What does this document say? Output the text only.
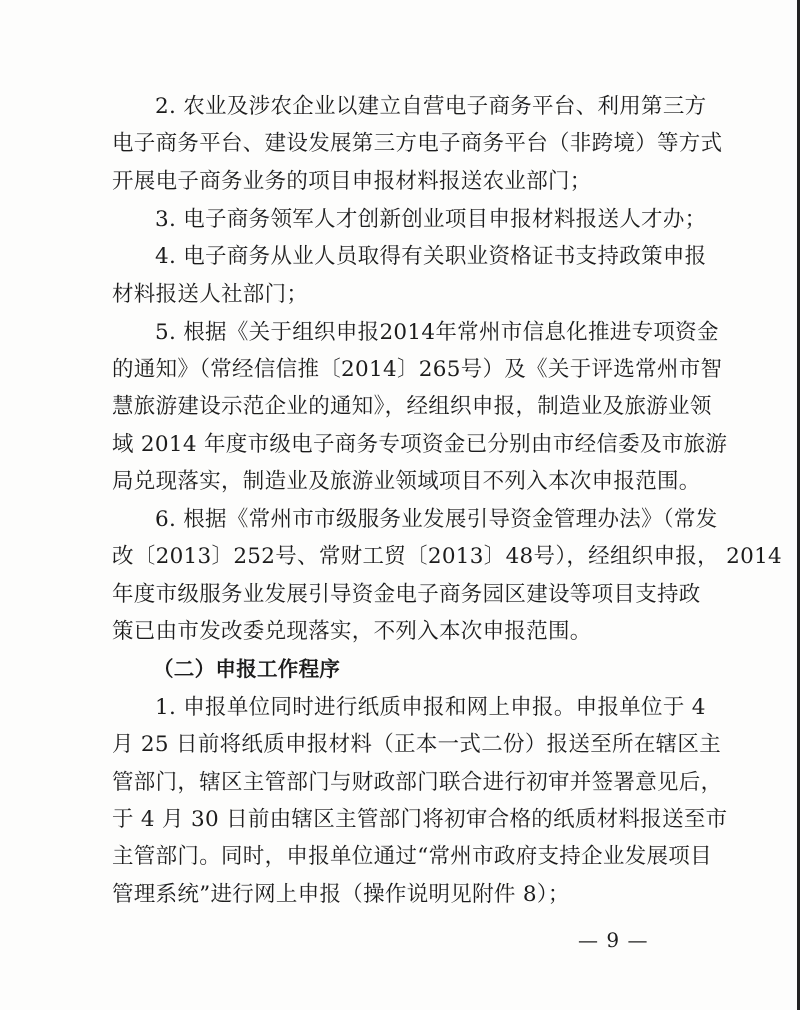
2. 农业及涉农企业以建立自营电子商务平台、利用第三方
电子商务平台、建设发展第三方电子商务平台（非跨境）等方式
开展电子商务业务的项目申报材料报送农业部门；

3. 电子商务领军人才创新创业项目申报材料报送人才办；

4. 电子商务从业人员取得有关职业资格证书支持政策申报
材料报送人社部门；

5. 根据《关于组织申报2014年常州市信息化推进专项资金
的通知》（常经信信推〔2014〕265号）及《关于评选常州市智
慧旅游建设示范企业的通知》，经组织申报，制造业及旅游业领
域 2014 年度市级电子商务专项资金已分别由市经信委及市旅游
局兑现落实，制造业及旅游业领域项目不列入本次申报范围。

6. 根据《常州市市级服务业发展引导资金管理办法》（常发
改〔2013〕252号、常财工贸〔2013〕48号），经组织申报， 2014
年度市级服务业发展引导资金电子商务园区建设等项目支持政
策已由市发改委兑现落实，不列入本次申报范围。

（二）申报工作程序

1. 申报单位同时进行纸质申报和网上申报。申报单位于 4
月 25 日前将纸质申报材料（正本一式二份）报送至所在辖区主
管部门，辖区主管部门与财政部门联合进行初审并签署意见后，
于 4 月 30 日前由辖区主管部门将初审合格的纸质材料报送至市
主管部门。同时，申报单位通过“常州市政府支持企业发展项目
管理系统”进行网上申报（操作说明见附件 8）；

— 9 —
